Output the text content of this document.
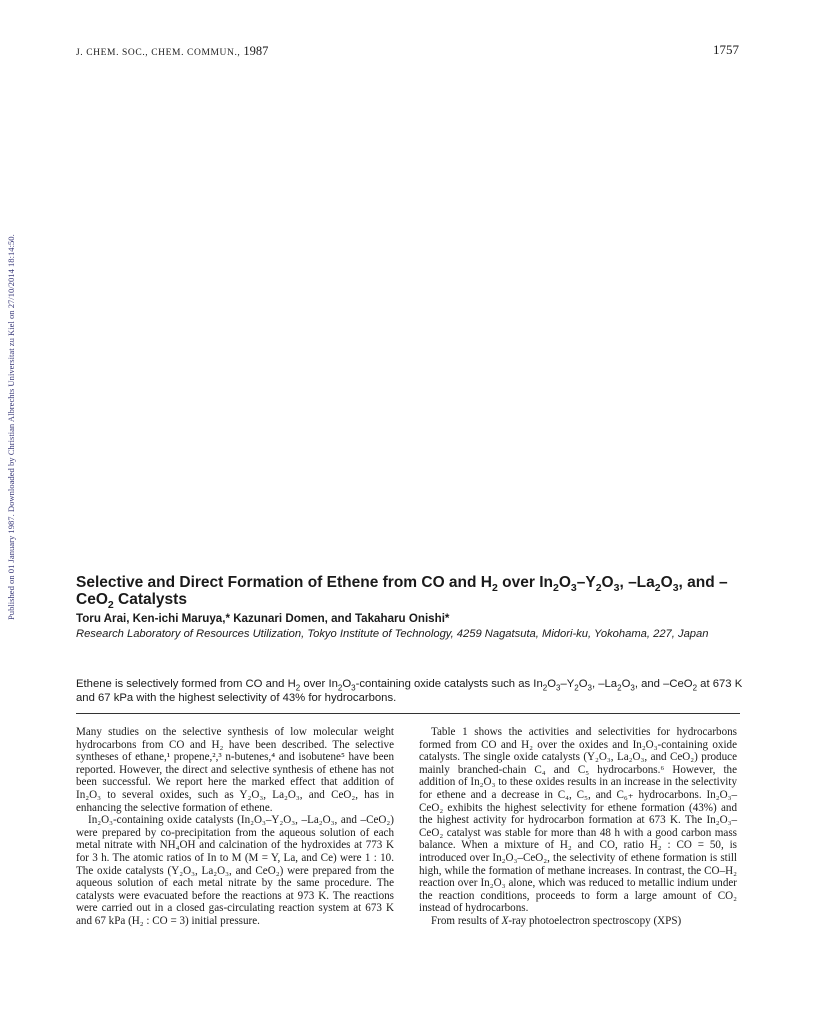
J. CHEM. SOC., CHEM. COMMUN., 1987	1757
Published on 01 January 1987. Downloaded by Christian Albrechts Universitat zu Kiel on 27/10/2014 18:14:50.	Selective and Direct Formation of Ethene from CO and $H_2$ over $In_2O_3-Y_2O_3$, $-La_2O_3$, and –CeO$_2$ Catalysts

Toru Arai, Ken-ichi Maruya,* Kazunari Domen, and Takaharu Onishi*

Research Laboratory of Resources Utilization, Tokyo Institute of Technology, 4259 Nagatsuta, Midori-ku, Yokohama, 227, Japan

Ethene is selectively formed from CO and $H_2$ over $In_2O_3$-containing oxide catalysts such as $In_2O_3-Y_2O_3$, $-La_2O_3$, and –CeO$_2$ at 673 K and 67 kPa with the highest selectivity of 43% for hydrocarbons.

Many studies on the selective synthesis of low molecular weight hydrocarbons from CO and H₂ have been described. The selective syntheses of ethane,¹ propene,²,³ n-butenes,⁴ and isobutene⁵ have been reported. However, the direct and selective synthesis of ethene has not been successful. We report here the marked effect that addition of In₂O₃ to several oxides, such as Y₂O₃, La₂O₃, and CeO₂, has in enhancing the selective formation of ethene.

In₂O₃-containing oxide catalysts (In₂O₃–Y₂O₃, –La₂O₃, and –CeO₂) were prepared by co-precipitation from the aqueous solution of each metal nitrate with NH₄OH and calcination of the hydroxides at 773 K for 3 h. The atomic ratios of In to M (M = Y, La, and Ce) were 1 : 10. The oxide catalysts (Y₂O₃, La₂O₃, and CeO₂) were prepared from the aqueous solution of each metal nitrate by the same procedure. The catalysts were evacuated before the reactions at 973 K. The reactions were carried out in a closed gas-circulating reaction system at 673 K and 67 kPa (H₂ : CO = 3) initial pressure.

Table 1 shows the activities and selectivities for hydrocarbons formed from CO and H₂ over the oxides and In₂O₃-containing oxide catalysts. The single oxide catalysts (Y₂O₃, La₂O₃, and CeO₂) produce mainly branched-chain C₄ and C₅ hydrocarbons.⁶ However, the addition of In₂O₃ to these oxides results in an increase in the selectivity for ethene and a decrease in C₄, C₅, and C₆₊ hydrocarbons. In₂O₃–CeO₂ exhibits the highest selectivity for ethene formation (43%) and the highest activity for hydrocarbon formation at 673 K. The In₂O₃–CeO₂ catalyst was stable for more than 48 h with a good carbon mass balance. When a mixture of H₂ and CO, ratio H₂ : CO = 50, is introduced over In₂O₃–CeO₂, the selectivity of ethene formation is still high, while the formation of methane increases. In contrast, the CO–H₂ reaction over In₂O₃ alone, which was reduced to metallic indium under the reaction conditions, proceeds to form a large amount of CO₂ instead of hydrocarbons.

From results of X-ray photoelectron spectroscopy (XPS)
